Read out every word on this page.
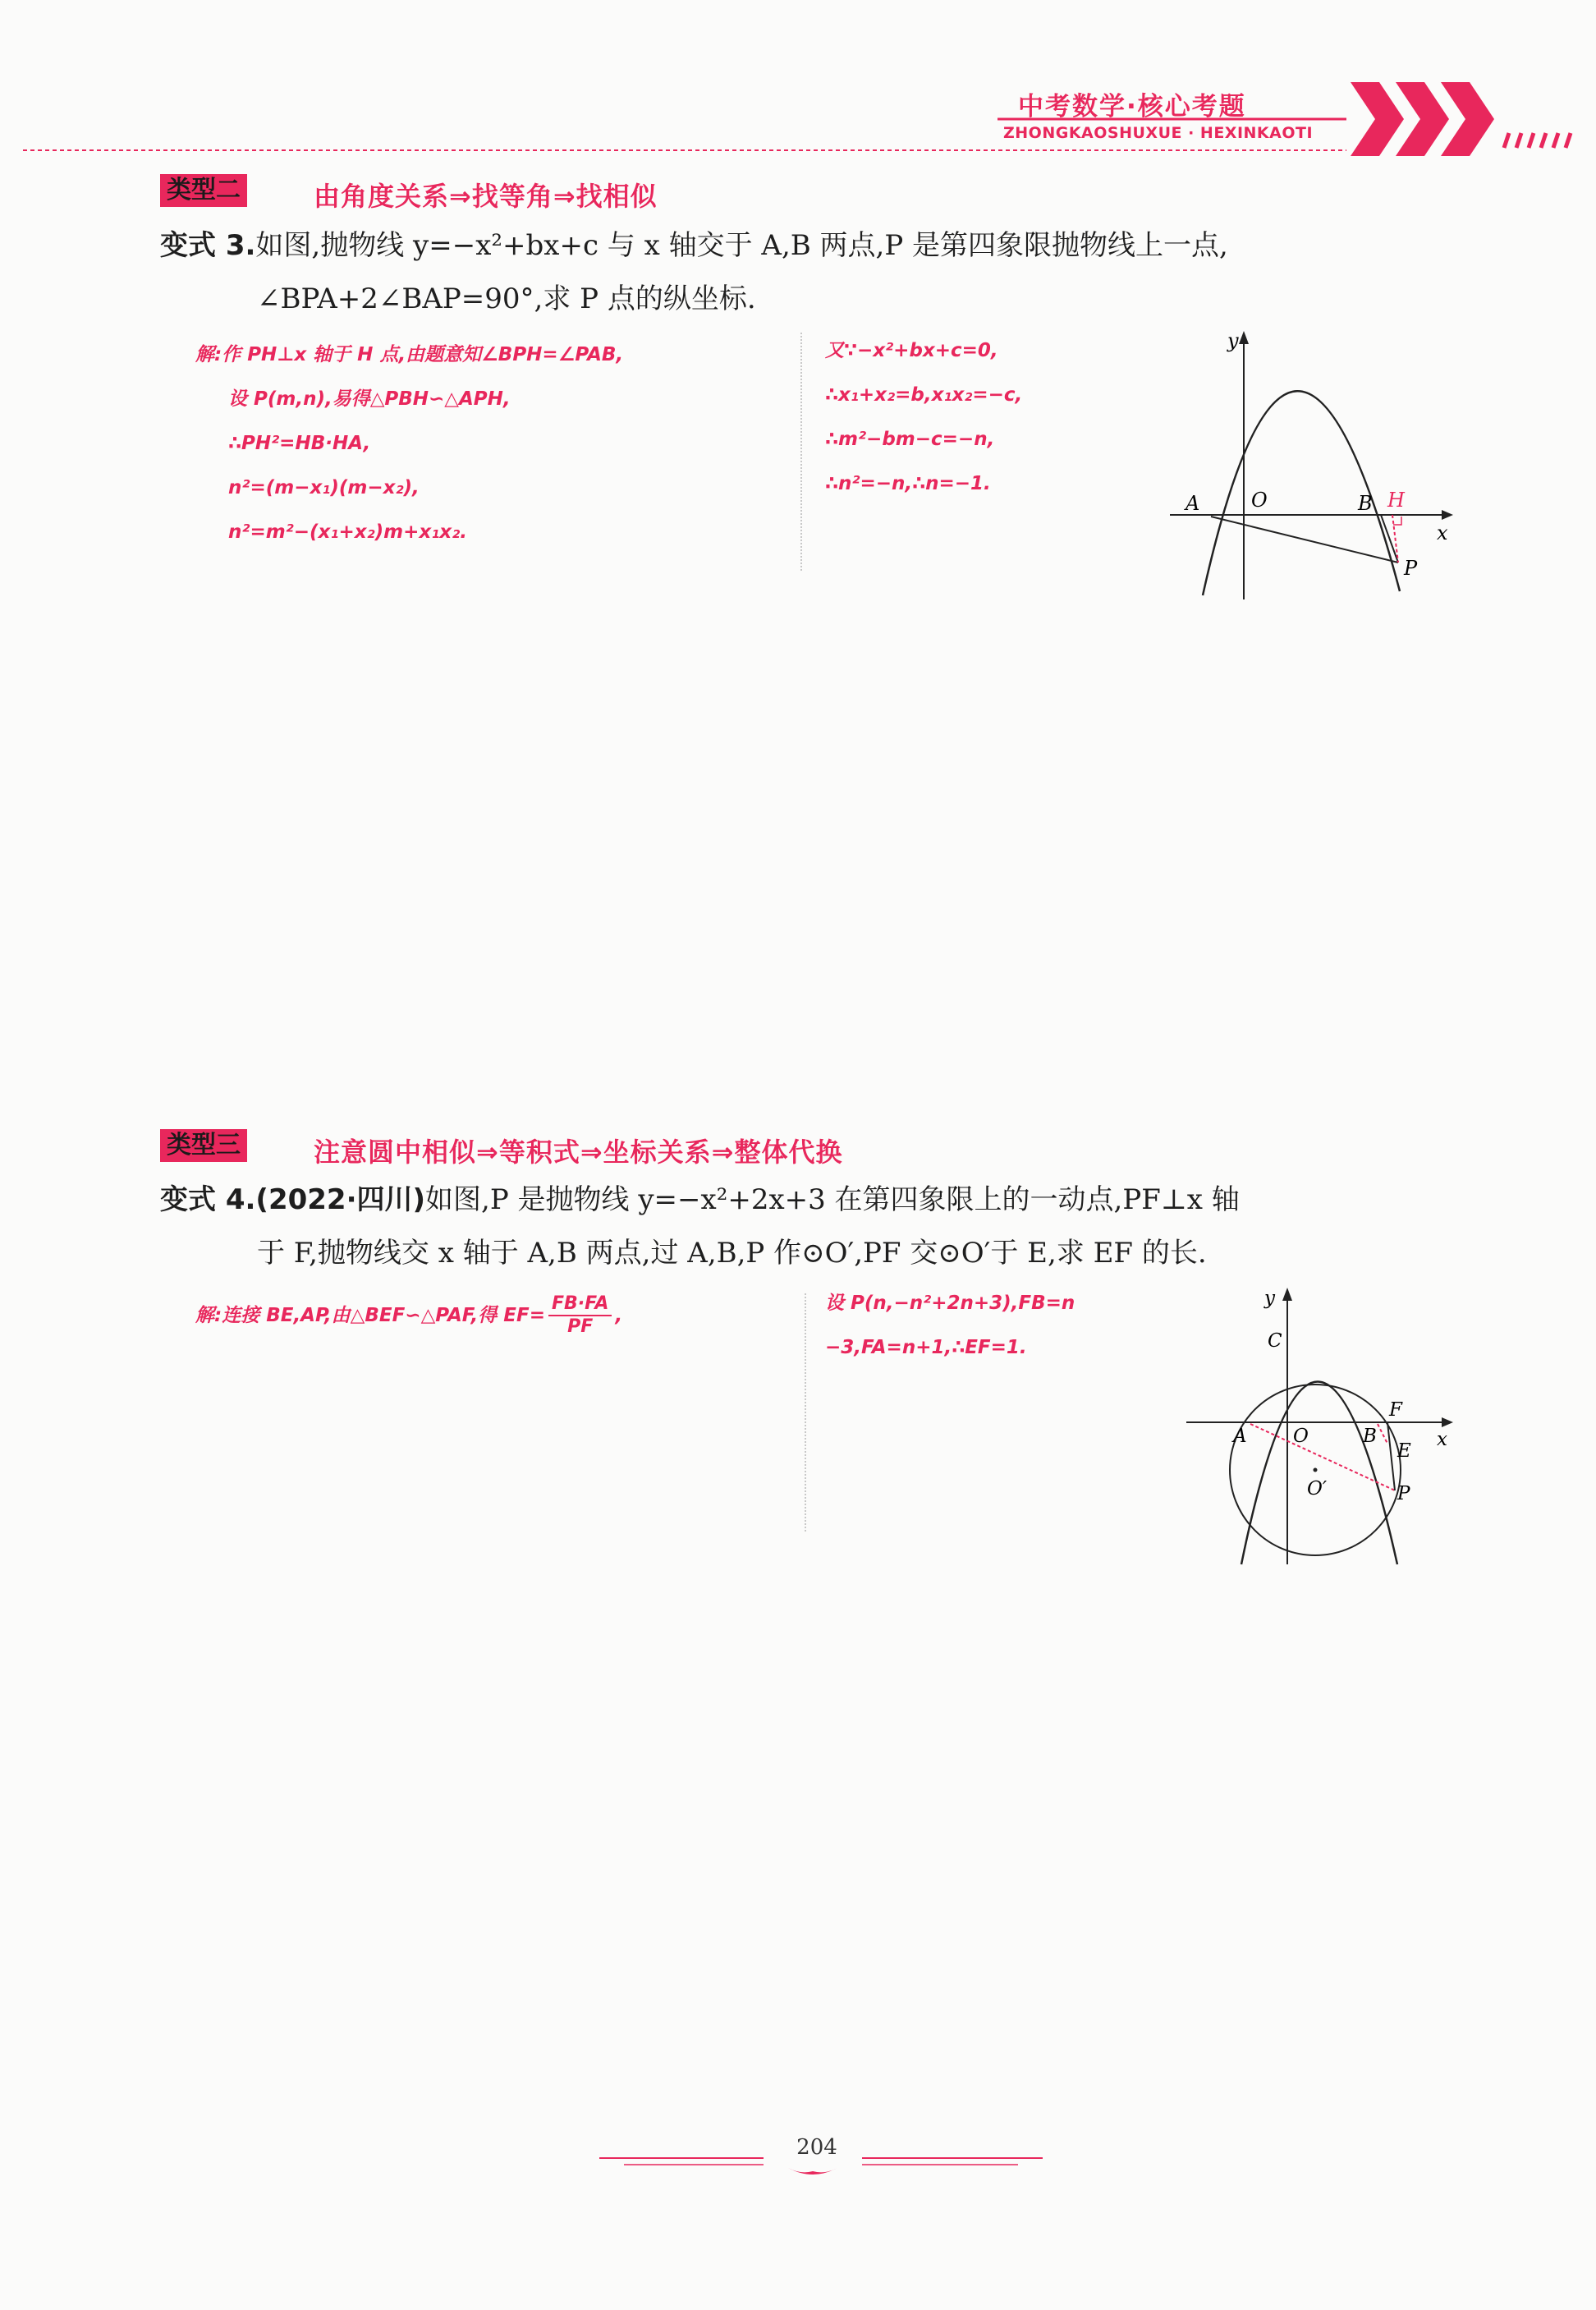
中考数学·核心考题
ZHONGKAOSHUXUE · HEXINKAOTI
类型二	由角度关系⇒找等角⇒找相似
变式 3.如图,抛物线 y=−x²+bx+c 与 x 轴交于 A,B 两点,P 是第四象限抛物线上一点,
∠BPA+2∠BAP=90°,求 P 点的纵坐标.
解:作 PH⊥x 轴于 H 点,由题意知∠BPH=∠PAB,
设 P(m,n),易得△PBH∽△APH,
∴PH²=HB·HA,
n²=(m−x₁)(m−x₂),
n²=m²−(x₁+x₂)m+x₁x₂.
又∵−x²+bx+c=0,
∴x₁+x₂=b,x₁x₂=−c,
∴m²−bm−c=−n,
∴n²=−n,∴n=−1.
y
x
A	O	B H
P
类型三	注意圆中相似⇒等积式⇒坐标关系⇒整体代换
变式 4.(2022·四川)如图,P 是抛物线 y=−x²+2x+3 在第四象限上的一动点,PF⊥x 轴
于 F,抛物线交 x 轴于 A,B 两点,过 A,B,P 作⊙O′,PF 交⊙O′于 E,求 EF 的长.
解:连接 BE,AP,由△BEF∽△PAF,得 $EF= \frac{FB\cdot FA}{PF}$ ,
设 P(n,−n²+2n+3),FB=n
−3,FA=n+1,∴EF=1.
y
x
C
A O	B
F
E
P
O′
204
